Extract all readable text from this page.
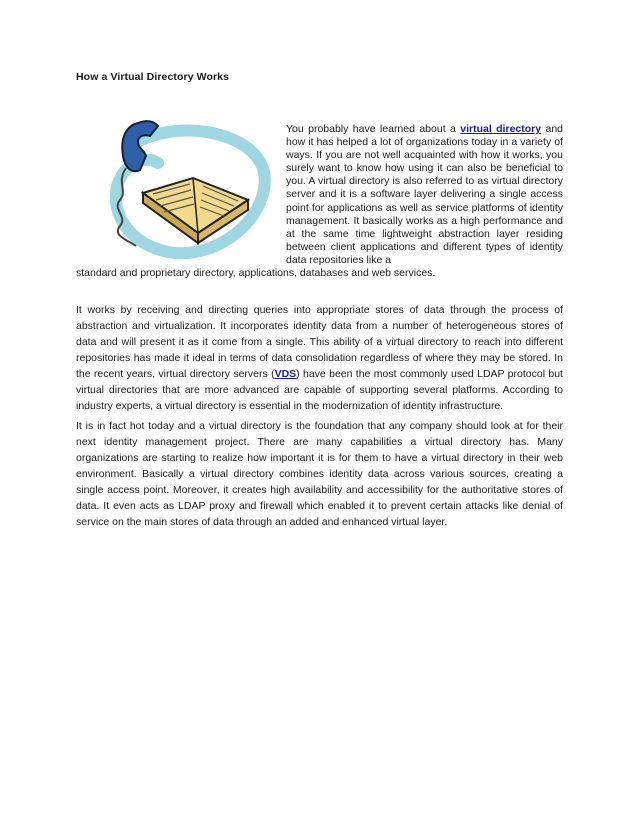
How a Virtual Directory Works
You probably have learned about a virtual directory and how it has helped a lot of organizations today in a variety of ways. If you are not well acquainted with how it works, you surely want to know how using it can also be beneficial to you. A virtual directory is also referred to as virtual directory server and it is a software layer delivering a single access point for applications as well as service platforms of identity management. It basically works as a high performance and at the same time lightweight abstraction layer residing between client applications and different types of identity data repositories like a
standard and proprietary directory, applications, databases and web services.
It works by receiving and directing queries into appropriate stores of data through the process of abstraction and virtualization. It incorporates identity data from a number of heterogeneous stores of data and will present it as it come from a single. This ability of a virtual directory to reach into different repositories has made it ideal in terms of data consolidation regardless of where they may be stored. In the recent years, virtual directory servers (VDS) have been the most commonly used LDAP protocol but virtual directories that are more advanced are capable of supporting several platforms. According to industry experts, a virtual directory is essential in the modernization of identity infrastructure.
It is in fact hot today and a virtual directory is the foundation that any company should look at for their next identity management project. There are many capabilities a virtual directory has. Many organizations are starting to realize how important it is for them to have a virtual directory in their web environment. Basically a virtual directory combines identity data across various sources, creating a single access point. Moreover, it creates high availability and accessibility for the authoritative stores of data. It even acts as LDAP proxy and firewall which enabled it to prevent certain attacks like denial of service on the main stores of data through an added and enhanced virtual layer.
